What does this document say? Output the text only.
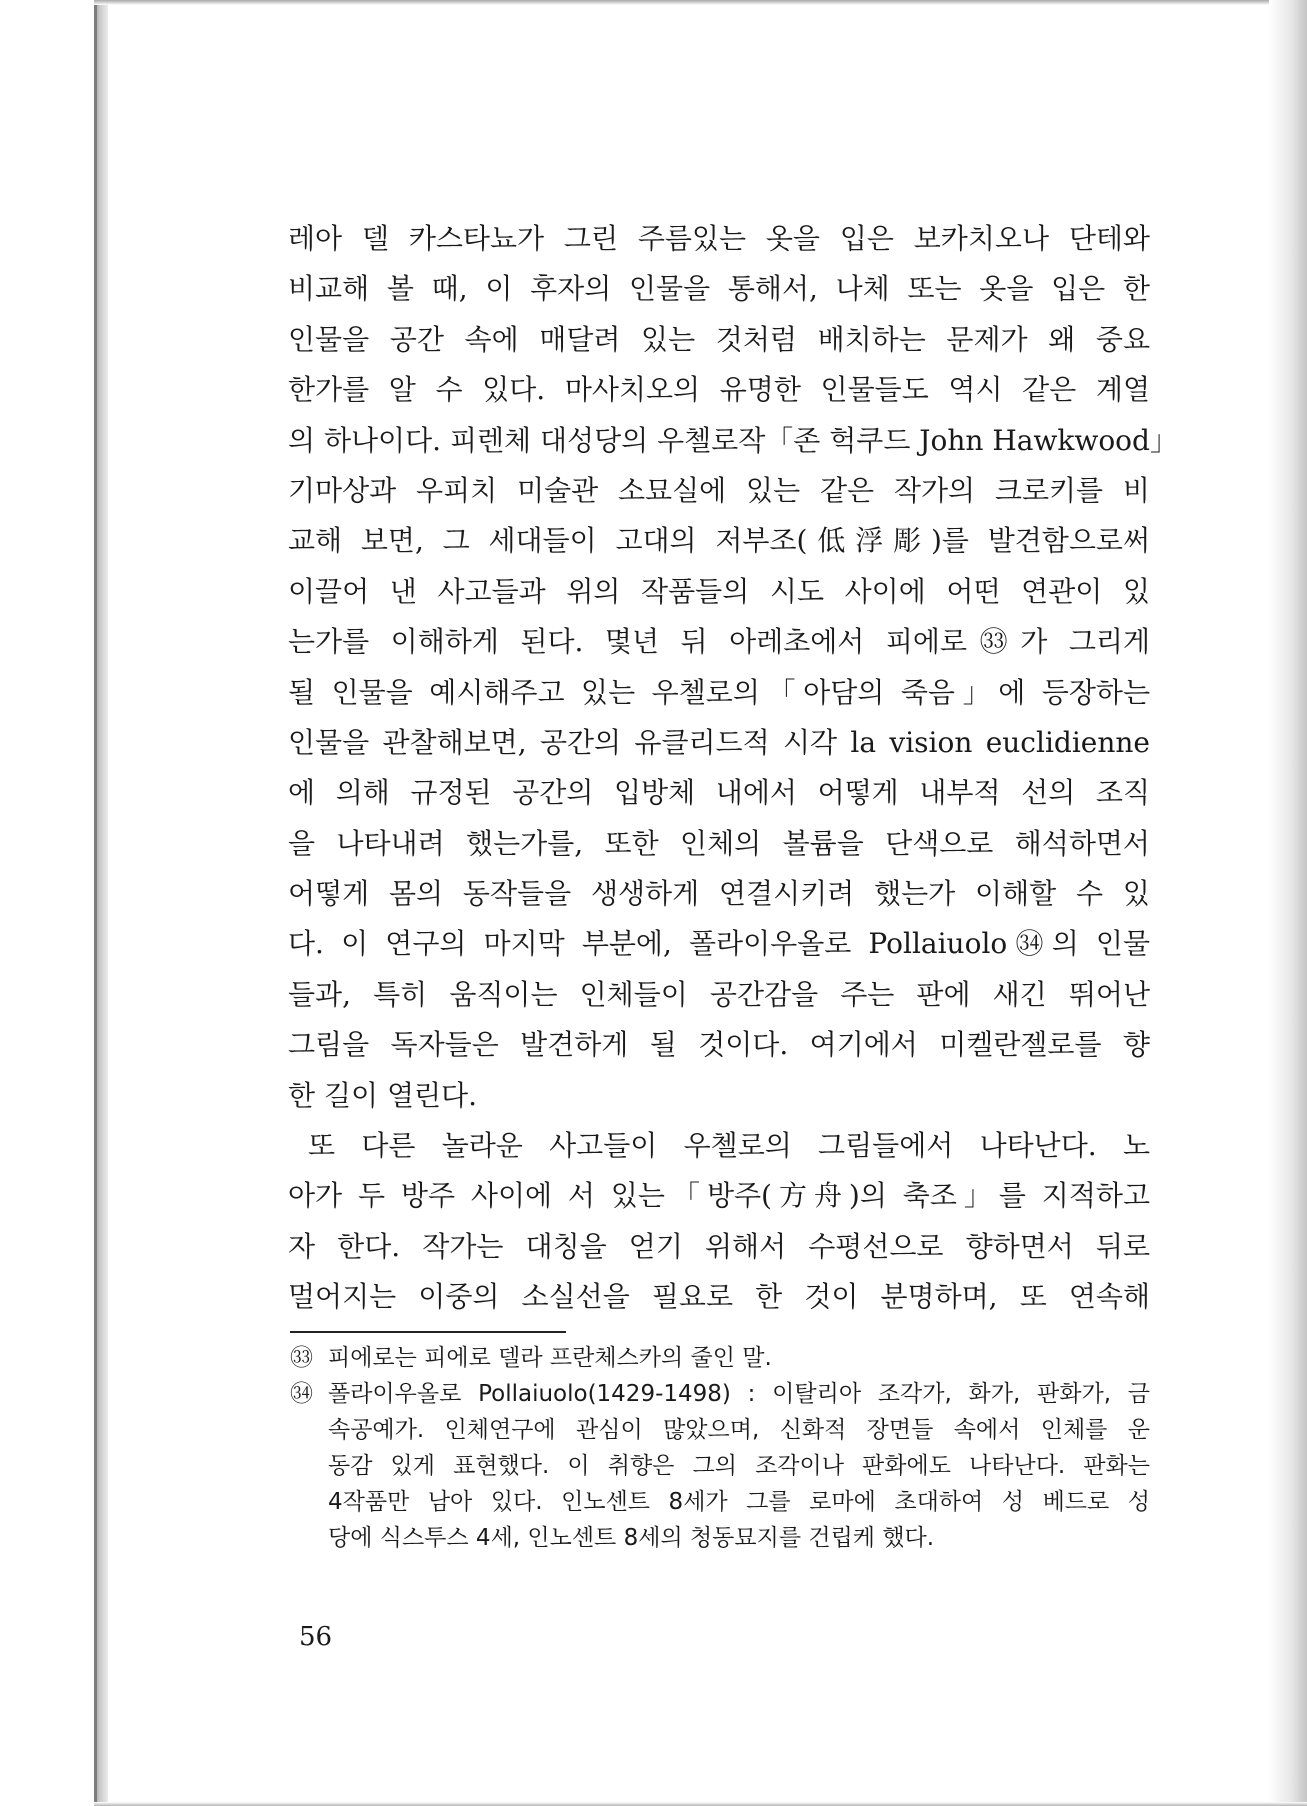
레아 델 카스타뇨가 그린 주름있는 옷을 입은 보카치오나 단테와
비교해 볼 때, 이 후자의 인물을 통해서, 나체 또는 옷을 입은 한
인물을 공간 속에 매달려 있는 것처럼 배치하는 문제가 왜 중요
한가를 알 수 있다. 마사치오의 유명한 인물들도 역시 같은 계열
의 하나이다. 피렌체 대성당의 우첼로작「존 헉쿠드 John Hawkwood」
기마상과 우피치 미술관 소묘실에 있는 같은 작가의 크로키를 비
교해 보면, 그 세대들이 고대의 저부조(低浮彫)를 발견함으로써
이끌어 낸 사고들과 위의 작품들의 시도 사이에 어떤 연관이 있
는가를 이해하게 된다. 몇년 뒤 아레초에서 피에로㉝가 그리게
될 인물을 예시해주고 있는 우첼로의「아담의 죽음」에 등장하는
인물을 관찰해보면, 공간의 유클리드적 시각 la vision euclidienne
에 의해 규정된 공간의 입방체 내에서 어떻게 내부적 선의 조직
을 나타내려 했는가를, 또한 인체의 볼륨을 단색으로 해석하면서
어떻게 몸의 동작들을 생생하게 연결시키려 했는가 이해할 수 있
다. 이 연구의 마지막 부분에, 폴라이우올로 Pollaiuolo㉞의 인물
들과, 특히 움직이는 인체들이 공간감을 주는 판에 새긴 뛰어난
그림을 독자들은 발견하게 될 것이다. 여기에서 미켈란젤로를 향
한 길이 열린다.
또 다른 놀라운 사고들이 우첼로의 그림들에서 나타난다. 노
아가 두 방주 사이에 서 있는「방주(方舟)의 축조」를 지적하고
자 한다. 작가는 대칭을 얻기 위해서 수평선으로 향하면서 뒤로
멀어지는 이중의 소실선을 필요로 한 것이 분명하며, 또 연속해
㉝ 피에로는 피에로 델라 프란체스카의 줄인 말.
㉞ 폴라이우올로 Pollaiuolo(1429-1498) : 이탈리아 조각가, 화가, 판화가, 금
속공예가. 인체연구에 관심이 많았으며, 신화적 장면들 속에서 인체를 운
동감 있게 표현했다. 이 취향은 그의 조각이나 판화에도 나타난다. 판화는
4작품만 남아 있다. 인노센트 8세가 그를 로마에 초대하여 성 베드로 성
당에 식스투스 4세, 인노센트 8세의 청동묘지를 건립케 했다.
56
